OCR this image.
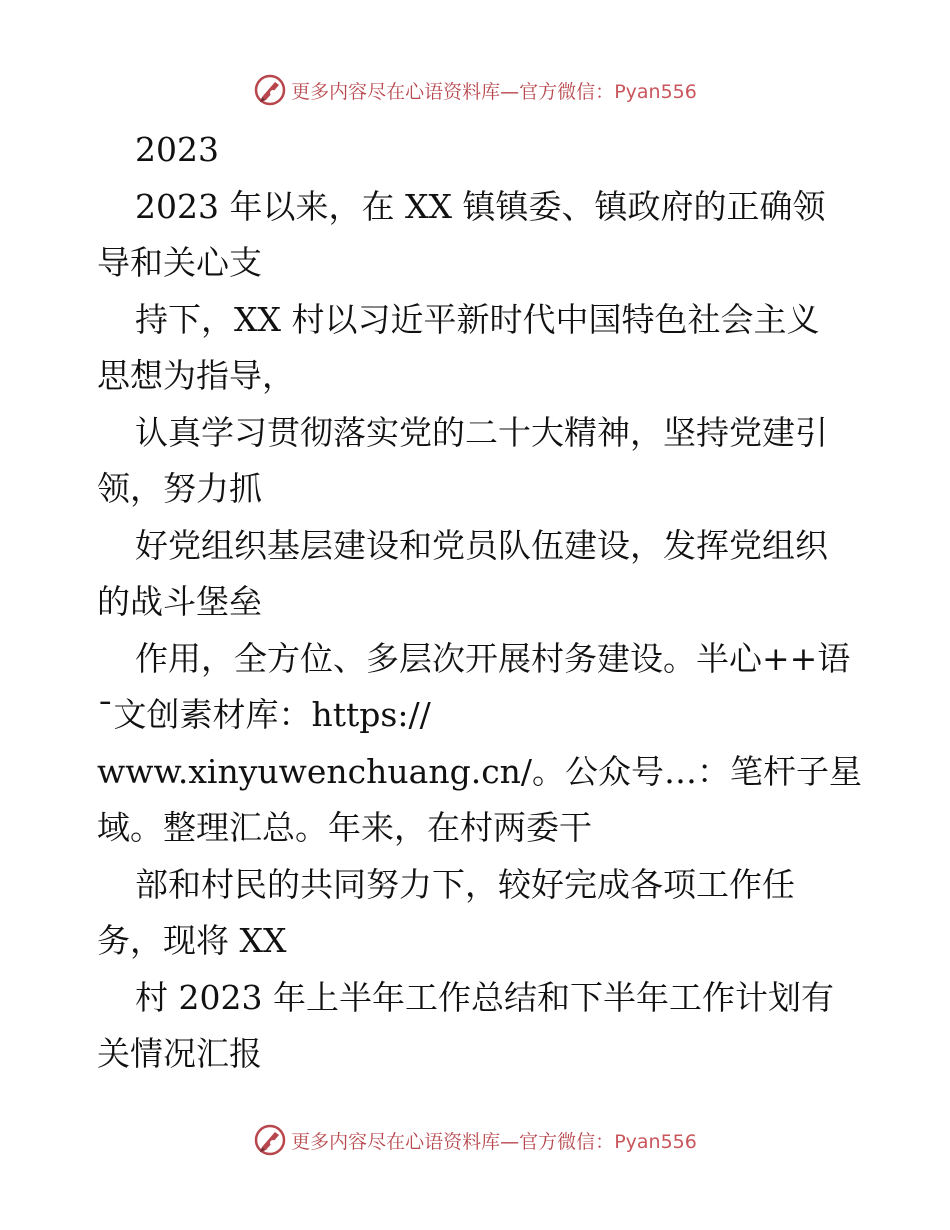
更多内容尽在心语资料库—官方微信：Pyan556
2023
2023 年以来，在 XX 镇镇委、镇政府的正确领
导和关心支
持下，XX 村以习近平新时代中国特色社会主义
思想为指导，
认真学习贯彻落实党的二十大精神，坚持党建引
领，努力抓
好党组织基层建设和党员队伍建设，发挥党组织
的战斗堡垒
作用，全方位、多层次开展村务建设。半心++语
¯文创素材库：https://
www.xinyuwenchuang.cn/。公众号…：笔杆子星
域。整理汇总。年来，在村两委干
部和村民的共同努力下，较好完成各项工作任
务，现将 XX
村 2023 年上半年工作总结和下半年工作计划有
关情况汇报
更多内容尽在心语资料库—官方微信：Pyan556
